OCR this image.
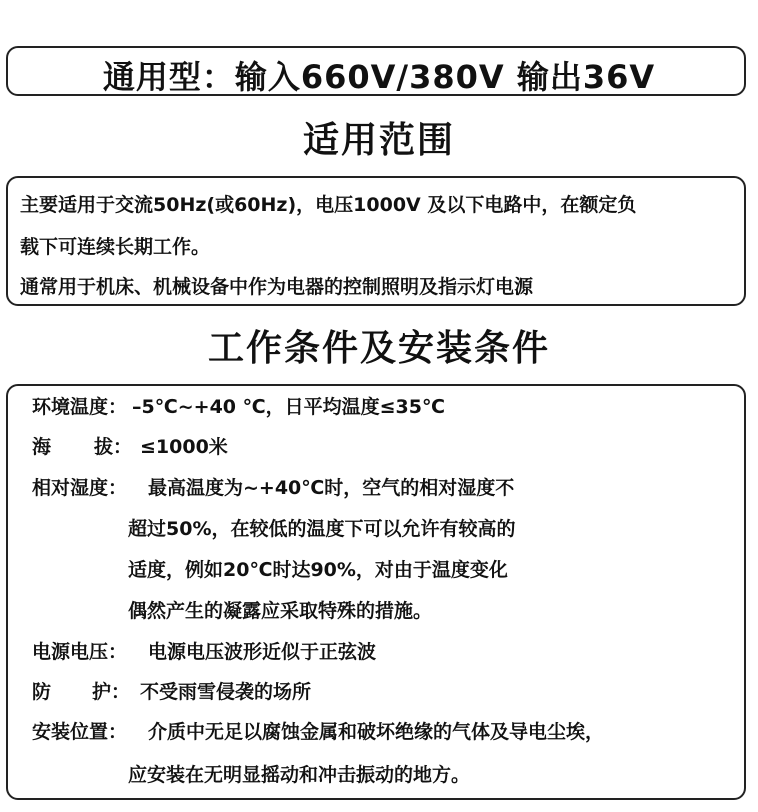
通用型：输入660V/380V 输出36V
适用范围
主要适用于交流50Hz(或60Hz)，电压1000V 及以下电路中，在额定负
载下可连续长期工作。
通常用于机床、机械设备中作为电器的控制照明及指示灯电源
工作条件及安装条件
环境温度： –5℃~+40 ℃，日平均温度≤35℃
海 拔： ≤1000米
相对湿度： 最高温度为~+40℃时，空气的相对湿度不
超过50%，在较低的温度下可以允许有较高的
适度，例如20℃时达90%，对由于温度变化
偶然产生的凝露应采取特殊的措施。
电源电压： 电源电压波形近似于正弦波
防 护： 不受雨雪侵袭的场所
安装位置： 介质中无足以腐蚀金属和破坏绝缘的气体及导电尘埃，
应安装在无明显摇动和冲击振动的地方。
